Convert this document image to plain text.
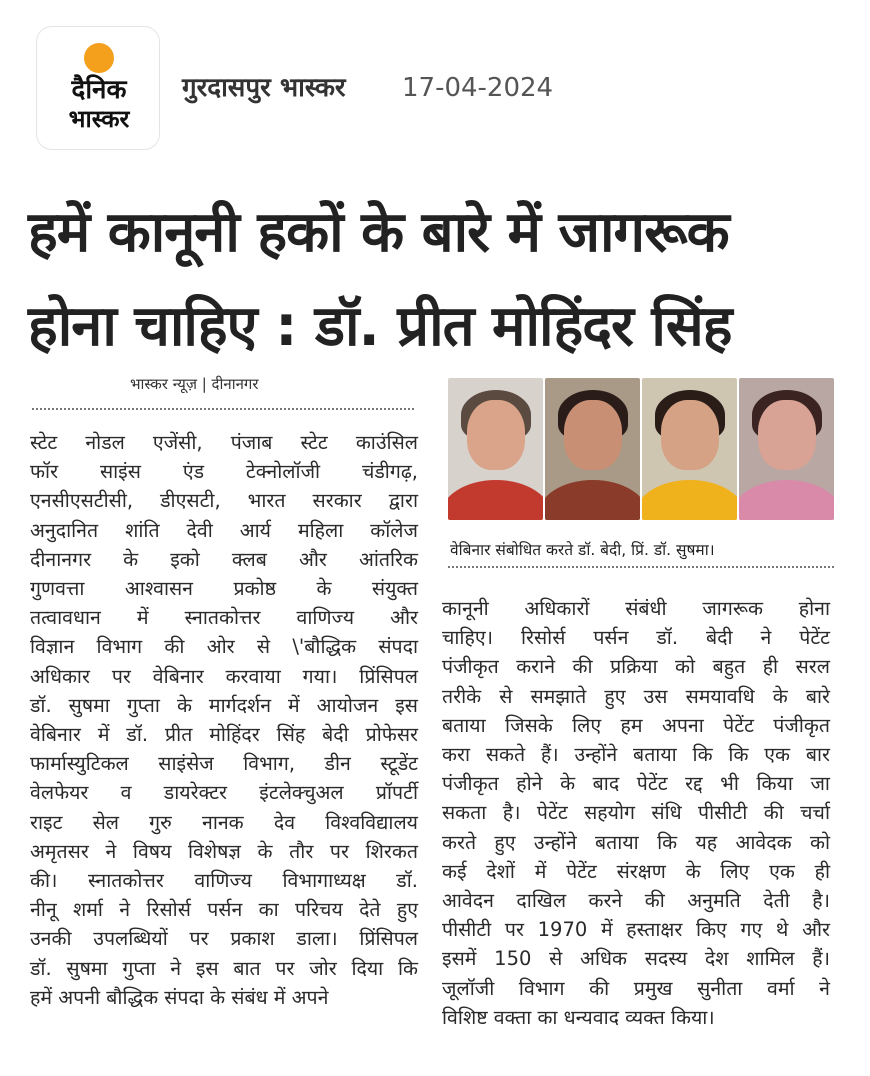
दैनिक
भास्कर
गुरदासपुर भास्कर 17-04-2024
हमें कानूनी हकों के बारे में जागरूक
होना चाहिए : डॉ. प्रीत मोहिंदर सिंह
भास्कर न्यूज़ | दीनानगर
स्टेट नोडल एजेंसी, पंजाब स्टेट काउंसिल
फॉर साइंस एंड टेक्नोलॉजी चंडीगढ़,
एनसीएसटीसी, डीएसटी, भारत सरकार द्वारा
अनुदानित शांति देवी आर्य महिला कॉलेज
दीनानगर के इको क्लब और आंतरिक
गुणवत्ता आश्वासन प्रकोष्ठ के संयुक्त
तत्वावधान में स्नातकोत्तर वाणिज्य और
विज्ञान विभाग की ओर से \'बौद्धिक संपदा
अधिकार पर वेबिनार करवाया गया। प्रिंसिपल
डॉ. सुषमा गुप्ता के मार्गदर्शन में आयोजन इस
वेबिनार में डॉ. प्रीत मोहिंदर सिंह बेदी प्रोफेसर
फार्मास्युटिकल साइंसेज विभाग, डीन स्टूडेंट
वेलफेयर व डायरेक्टर इंटलेक्चुअल प्रॉपर्टी
राइट सेल गुरु नानक देव विश्वविद्यालय
अमृतसर ने विषय विशेषज्ञ के तौर पर शिरकत
की। स्नातकोत्तर वाणिज्य विभागाध्यक्ष डॉ.
नीनू शर्मा ने रिसोर्स पर्सन का परिचय देते हुए
उनकी उपलब्धियों पर प्रकाश डाला। प्रिंसिपल
डॉ. सुषमा गुप्ता ने इस बात पर जोर दिया कि
हमें अपनी बौद्धिक संपदा के संबंध में अपने
वेबिनार संबोधित करते डॉ. बेदी, प्रिं. डॉ. सुषमा।
कानूनी अधिकारों संबंधी जागरूक होना
चाहिए। रिसोर्स पर्सन डॉ. बेदी ने पेटेंट
पंजीकृत कराने की प्रक्रिया को बहुत ही सरल
तरीके से समझाते हुए उस समयावधि के बारे
बताया जिसके लिए हम अपना पेटेंट पंजीकृत
करा सकते हैं। उन्होंने बताया कि कि एक बार
पंजीकृत होने के बाद पेटेंट रद्द भी किया जा
सकता है। पेटेंट सहयोग संधि पीसीटी की चर्चा
करते हुए उन्होंने बताया कि यह आवेदक को
कई देशों में पेटेंट संरक्षण के लिए एक ही
आवेदन दाखिल करने की अनुमति देती है।
पीसीटी पर 1970 में हस्ताक्षर किए गए थे और
इसमें 150 से अधिक सदस्य देश शामिल हैं।
जूलॉजी विभाग की प्रमुख सुनीता वर्मा ने
विशिष्ट वक्ता का धन्यवाद व्यक्त किया।
